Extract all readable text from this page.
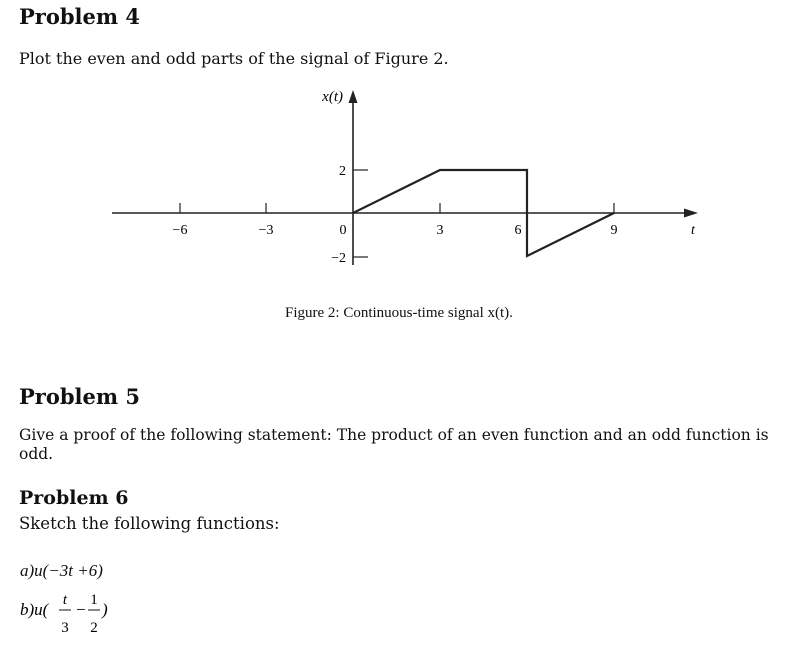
Problem 4
Plot the even and odd parts of the signal of Figure 2.
−6	−3	0	3	6	9
2
−2
x(t)
t
Figure 2: Continuous-time signal x(t).
Problem 5
Give a proof of the following statement: The product of an even function and an odd function is
odd.
Problem 6
Sketch the following functions:
a)u(−3t +6)
b)u( t
3
− 1
2
)
